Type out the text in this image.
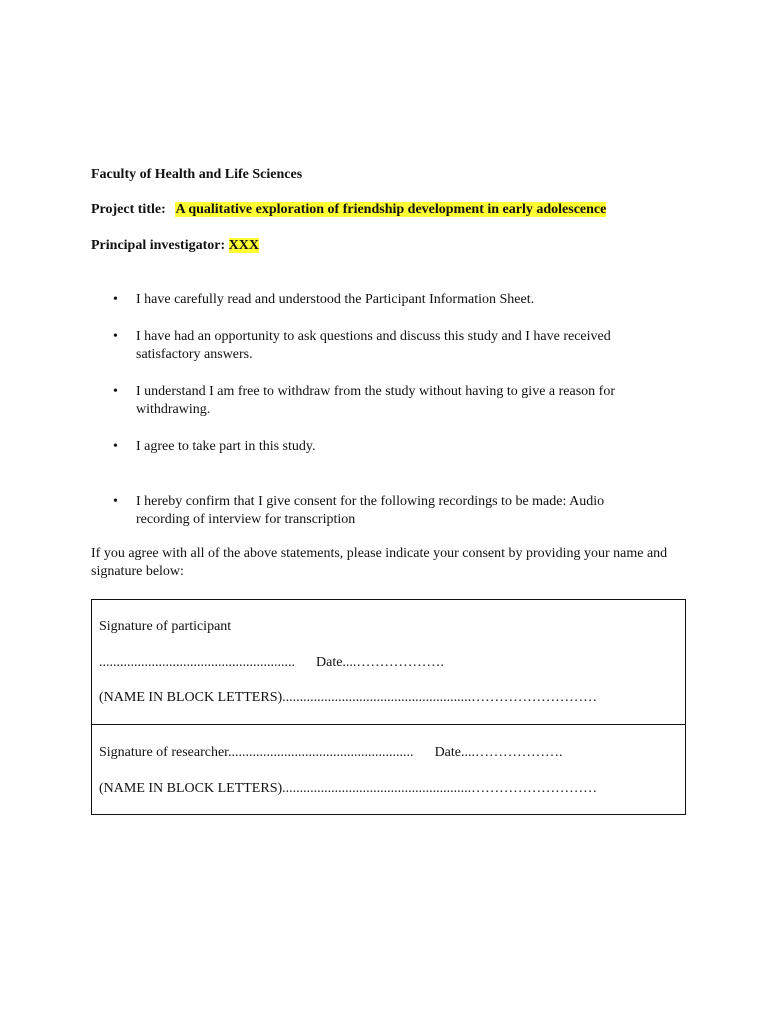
Faculty of Health and Life Sciences
Project title: A qualitative exploration of friendship development in early adolescence
Principal investigator: XXX
• I have carefully read and understood the Participant Information Sheet.
• I have had an opportunity to ask questions and discuss this study and I have received satisfactory answers.
• I understand I am free to withdraw from the study without having to give a reason for withdrawing.
• I agree to take part in this study.
• I hereby confirm that I give consent for the following recordings to be made: Audio recording of interview for transcription
If you agree with all of the above statements, please indicate your consent by providing your name and signature below:
Signature of participant
........................................................ Date....……………….
(NAME IN BLOCK LETTERS)......................................................………………………
Signature of researcher..................................................... Date....……………….
(NAME IN BLOCK LETTERS)......................................................………………………
